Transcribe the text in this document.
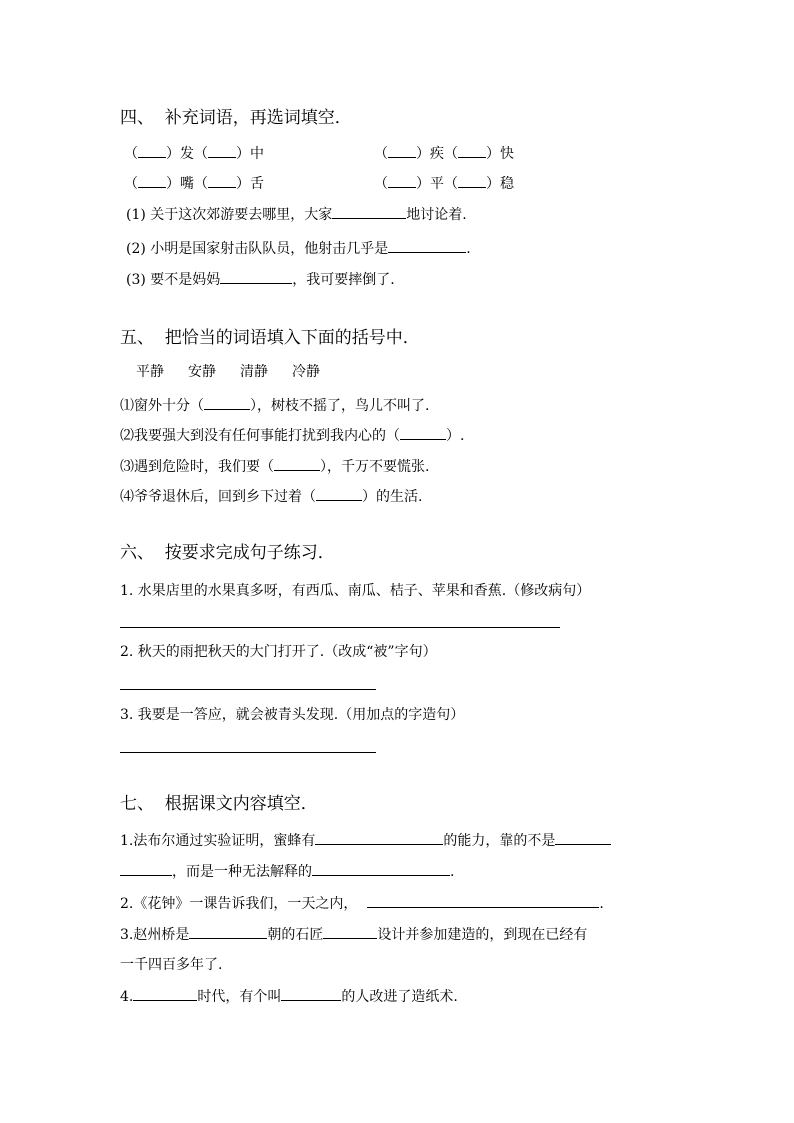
四、  补充词语，再选词填空．
（ ）发（ ）中	（ ）疾（ ）快
（ ）嘴（ ）舌	（ ）平（ ）稳
(1) 关于这次郊游要去哪里，大家	地讨论着.
(2) 小明是国家射击队队员，他射击几乎是	.
(3) 要不是妈妈	，我可要摔倒了.
五、  把恰当的词语填入下面的括号中．
平静 安静 清静 冷静
⑴窗外十分（	），树枝不摇了，鸟儿不叫了.
⑵我要强大到没有任何事能打扰到我内心的（	）.
⑶遇到危险时，我们要（	），千万不要慌张.
⑷爷爷退休后，回到乡下过着（	）的生活.
六、  按要求完成句子练习．
1. 水果店里的水果真多呀，有西瓜、南瓜、桔子、苹果和香蕉.（修改病句）
2. 秋天的雨把秋天的大门打开了.（改成“被”字句）
3. 我要是一答应，就会被青头发现.（用加点的字造句）
七、  根据课文内容填空．
1.法布尔通过实验证明，蜜蜂有	的能力，靠的不是
，而是一种无法解释的	.
2.《花钟》一课告诉我们，一天之内，	.
3.赵州桥是	朝的石匠	设计并参加建造的，到现在已经有
一千四百多年了.
4.	时代，有个叫	的人改进了造纸术.
